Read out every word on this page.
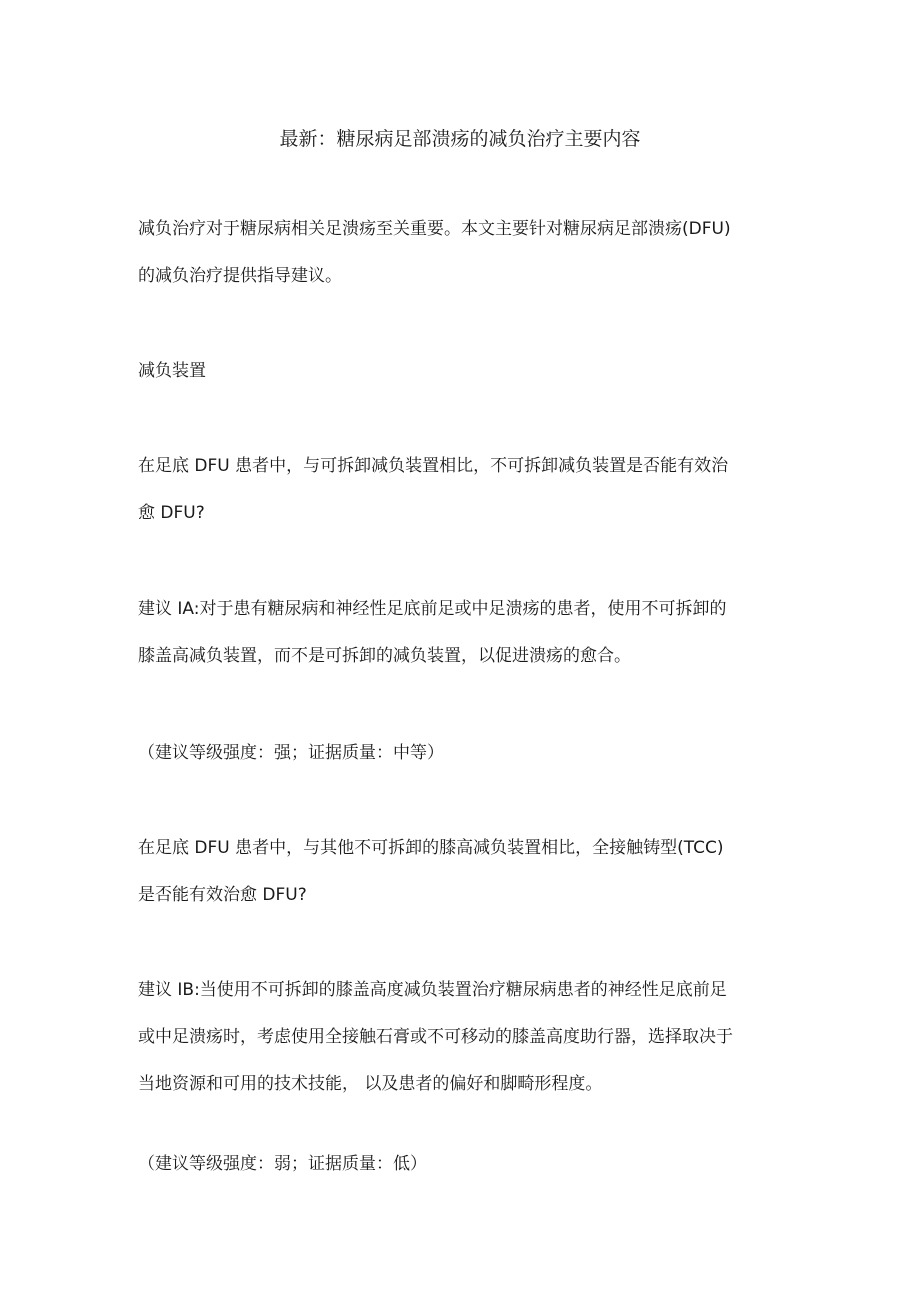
最新：糖尿病足部溃疡的减负治疗主要内容

减负治疗对于糖尿病相关足溃疡至关重要。本文主要针对糖尿病足部溃疡(DFU)
的减负治疗提供指导建议。

减负装置

在足底 DFU 患者中，与可拆卸减负装置相比，不可拆卸减负装置是否能有效治
愈 DFU?

建议 IA:对于患有糖尿病和神经性足底前足或中足溃疡的患者，使用不可拆卸的
膝盖高减负装置，而不是可拆卸的减负装置，以促进溃疡的愈合。

（建议等级强度：强；证据质量：中等）

在足底 DFU 患者中，与其他不可拆卸的膝高减负装置相比，全接触铸型(TCC)
是否能有效治愈 DFU?

建议 IB:当使用不可拆卸的膝盖高度减负装置治疗糖尿病患者的神经性足底前足
或中足溃疡时，考虑使用全接触石膏或不可移动的膝盖高度助行器，选择取决于
当地资源和可用的技术技能， 以及患者的偏好和脚畸形程度。

（建议等级强度：弱；证据质量：低）
